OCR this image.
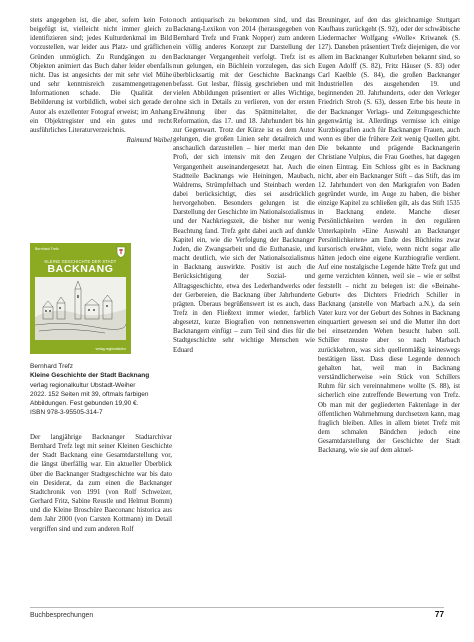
stets angegeben ist, die aber, sofern kein Foto beigefügt ist, vielleicht nicht immer gleich zu identifizieren sind; jedes Kulturdenkmal im Bild vorzustellen, war leider aus Platz- und gräflichen Gründen unmöglich. Zu Rundgängen zu den Objekten animiert das Buch daher leider ebenfalls nicht. Das ist angesichts der mit sehr viel Mühe und sehr kenntnisreich zusammengetragenen Informationen schade. Die Qualität der Bebilderung ist vorbildlich, wobei sich gerade der Autor als exzellenter Fotograf erweist; im Anhang ein Objektregister und ein gutes und recht ausführliches Literaturverzeichnis.

Raimund Waibel

Bernhard Trefz
KLEINE GESCHICHTE DER STADT
BACKNANG
verlag regionalkultur
Bernhard Trefz
Kleine Geschichte der Stadt Backnang
verlag regionalkultur Ubstadt-Weiher
2022. 152 Seiten mit 39, oftmals farbigen
Abbildungen. Fest gebunden 19,90 €.
ISBN 978-3-95505-314-7

Der langjährige Backnanger Stadtarchivar Bernhard Trefz legt mit seiner Kleinen Geschichte der Stadt Backnang eine Gesamtdarstellung vor, die längst überfällig war. Ein aktueller Überblick über die Backnanger Stadtgeschichte war bis dato ein Desiderat, da zum einen die Backnanger Stadtchronik von 1991 (von Rolf Schweizer, Gerhard Fritz, Sabine Reustle und Helmut Bomm) und die Kleine Broschüre Baeconanc historica aus dem Jahr 2000 (von Carsten Kottmann) im Detail vergriffen sind und zum anderen Rolf

noch antiquarisch zu bekommen sind, und das Backnang-Lexikon von 2014 (herausgegeben von Bernhard Trefz und Frank Nopper) zum anderen ein völlig anderes Konzept zur Darstellung der Backnanger Vergangenheit verfolgt. Trefz ist es nun gelungen, ein Büchlein vorzulegen, das sich überblicksartig mit der Geschichte Backnangs befasst. Gut lesbar, flüssig geschrieben und mit vielen Abbildungen präsentiert er alles Wichtige, ohne sich in Details zu verlieren, von der ersten Erwähnung über das Spätmittelalter, die Reformation, das 17. und 18. Jahrhundert bis hin zur Gegenwart. Trotz der Kürze ist es dem Autor gelungen, die großen Linien sehr detailreich und anschaulich darzustellen – hier merkt man den Profi, der sich intensiv mit den Zeugen der Vergangenheit auseinandergesetzt hat. Auch die Stadtteile Backnangs wie Heiningen, Maubach, Waldrems, Strümpfelbach und Steinbach werden dabei berücksichtigt, dies sei ausdrücklich hervorgehoben. Besonders gelungen ist die Darstellung der Geschichte im Nationalsozialismus und der Nachkriegszeit, die bisher nur wenig Beachtung fand. Trefz geht dabei auch auf dunkle Kapitel ein, wie die Verfolgung der Backnanger Juden, die Zwangsarbeit und die Euthanasie, und macht deutlich, wie sich der Nationalsozialismus in Backnang auswirkte. Positiv ist auch die Berücksichtigung der Sozial- und Alltagsgeschichte, etwa des Lederhandwerks oder der Gerbereien, die Backnang über Jahrhunderte prägten. Überaus begrüßenswert ist es auch, dass Trefz in den Fließtext immer wieder, farblich abgesetzt, kurze Biografien von nennenswerten Backnangern einfügt – zum Teil sind dies für die Stadtgeschichte sehr wichtige Menschen wie Eduard

Breuninger, auf den das gleichnamige Stuttgart Kaufhaus zurückgeht (S. 92), oder der schwäbische Liedermacher Wolfgang »Wolle« Kriwanek (S. 127). Daneben präsentiert Trefz diejenigen, die vor allem im Backnanger Kulturleben bekannt sind, so Eugen Adolff (S. 82), Fritz Häuser (S. 83) oder Carl Kaelble (S. 84), die großen Backnanger Industriellen des ausgehenden 19. und beginnenden 20. Jahrhunderts, oder den Verleger Friedrich Stroh (S. 63), dessen Erbe bis heute in der Backnanger Verlags- und Zeitungsgeschichte gegenwärtig ist. Allerdings vermisse ich einige Kurzbiografien auch für Backnanger Frauen, auch wenn es über die frühere Zeit wenig Quellen gibt. Die bekannte und prägende Backnangerin Christiane Vulpius, die Frau Goethes, hat dagegen einen Eintrag. Ein Schloss gibt es in Backnang nicht, aber ein Backnanger Stift – das Stift, das im 12. Jahrhundert von den Markgrafen von Baden gegründet wurde, im Auge zu haben, die bisher einzige Kapitel zu schließen gilt, als das Stift 1535 in Backnang endete. Manche dieser Persönlichkeiten werden in den regulären Unterkapiteln »Eine Auswahl an Backnanger Persönlichkeiten« am Ende des Büchleins zwar kursorisch erwähnt, viele, wenn nicht sogar alle hätten jedoch eine eigene Kurzbiografie verdient. Auf eine nostalgische Legende hätte Trefz gut und gerne verzichten können, weil sie – wie er selbst feststellt – nicht zu belegen ist: die »Beinahe-Geburt« des Dichters Friedrich Schiller in Backnang (anstelle von Marbach a.N.), da sein Vater kurz vor der Geburt des Sohnes in Backnang einquartiert gewesen sei und die Mutter ihn dort bei einsetzenden Wehen besucht haben soll. Schiller musste aber so nach Marbach zurückkehren, was sich quellenmäßig keineswegs bestätigen lässt. Dass diese Legende dennoch gehalten hat, weil man in Backnang verständlicherweise »ein Stück von Schillers Ruhm für sich vereinnahmen« wollte (S. 88), ist sicherlich eine zutreffende Bewertung von Trefz. Ob man mit der gegliederten Faktenlage in der öffentlichen Wahrnehmung durchsetzen kann, mag fraglich bleiben. Alles in allem bietet Trefz mit dem schmalen Bändchen jedoch eine Gesamtdarstellung der Geschichte der Stadt Backnang, wie sie auf dem aktuel-

Buchbesprechungen	77
